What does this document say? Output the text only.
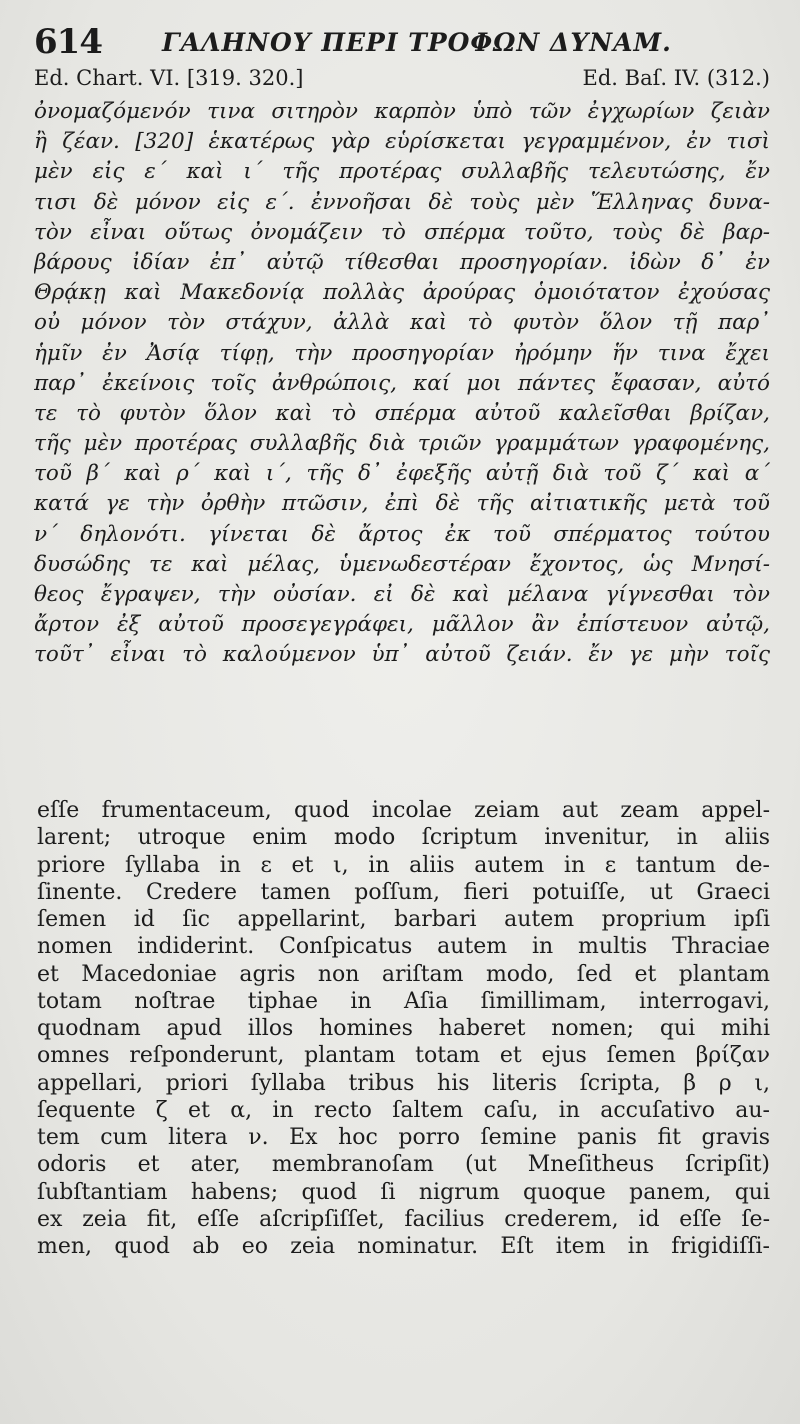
614 ΓΑΛΗΝΟΥ ΠΕΡΙ ΤΡΟΦΩΝ ΔΥΝΑΜ.
Ed. Chart. VI. [319. 320.]	Ed. Baſ. IV. (312.)
ὀνομαζόμενόν τινα σιτηρὸν καρπὸν ὑπὸ τῶν ἐγχωρίων ζειὰν
ἢ ζέαν. [320] ἑκατέρως γὰρ εὑρίσκεται γεγραμμένον, ἐν τισὶ
μὲν εἰς ε΄ καὶ ι΄ τῆς προτέρας συλλαβῆς τελευτώσης, ἔν
τισι δὲ μόνον εἰς ε΄. ἐννοῆσαι δὲ τοὺς μὲν Ἕλληνας δυνα-
τὸν εἶναι οὕτως ὀνομάζειν τὸ σπέρμα τοῦτο, τοὺς δὲ βαρ-
βάρους ἰδίαν ἐπ᾽ αὐτῷ τίθεσθαι προσηγορίαν. ἰδὼν δ᾽ ἐν
Θρᾴκῃ καὶ Μακεδονίᾳ πολλὰς ἀρούρας ὁμοιότατον ἐχούσας
οὐ μόνον τὸν στάχυν, ἀλλὰ καὶ τὸ φυτὸν ὅλον τῇ παρ᾽
ἡμῖν ἐν Ἀσίᾳ τίφῃ, τὴν προσηγορίαν ἠρόμην ἥν τινα ἔχει
παρ᾽ ἐκείνοις τοῖς ἀνθρώποις, καί μοι πάντες ἔφασαν, αὐτό
τε τὸ φυτὸν ὅλον καὶ τὸ σπέρμα αὐτοῦ καλεῖσθαι βρίζαν,
τῆς μὲν προτέρας συλλαβῆς διὰ τριῶν γραμμάτων γραφομένης,
τοῦ β΄ καὶ ρ΄ καὶ ι΄, τῆς δ᾽ ἐφεξῆς αὐτῇ διὰ τοῦ ζ΄ καὶ α΄
κατά γε τὴν ὀρθὴν πτῶσιν, ἐπὶ δὲ τῆς αἰτιατικῆς μετὰ τοῦ
ν΄ δηλονότι. γίνεται δὲ ἄρτος ἐκ τοῦ σπέρματος τούτου
δυσώδης τε καὶ μέλας, ὑμενωδεστέραν ἔχοντος, ὡς Μνησί-
θεος ἔγραψεν, τὴν οὐσίαν. εἰ δὲ καὶ μέλανα γίγνεσθαι τὸν
ἄρτον ἐξ αὐτοῦ προσεγεγράφει, μᾶλλον ἂν ἐπίστευον αὐτῷ,
τοῦτ᾽ εἶναι τὸ καλούμενον ὑπ᾽ αὐτοῦ ζειάν. ἔν γε μὴν τοῖς
eſſe frumentaceum, quod incolae zeiam aut zeam appel-
larent; utroque enim modo ſcriptum invenitur, in aliis
priore ſyllaba in ε et ι, in aliis autem in ε tantum de-
ſinente. Credere tamen poſſum, fieri potuiſſe, ut Graeci
ſemen id ſic appellarint, barbari autem proprium ipſi
nomen indiderint. Conſpicatus autem in multis Thraciae
et Macedoniae agris non ariſtam modo, ſed et plantam
totam noſtrae tiphae in Aſia ſimillimam, interrogavi,
quodnam apud illos homines haberet nomen; qui mihi
omnes reſponderunt, plantam totam et ejus ſemen βρίζαν
appellari, priori ſyllaba tribus his literis ſcripta, β ρ ι,
ſequente ζ et α, in recto ſaltem caſu, in accuſativo au-
tem cum litera ν. Ex hoc porro ſemine panis fit gravis
odoris et ater, membranoſam (ut Mneſitheus ſcripſit)
ſubſtantiam habens; quod ſi nigrum quoque panem, qui
ex zeia fit, eſſe aſcripſiſſet, facilius crederem, id eſſe ſe-
men, quod ab eo zeia nominatur. Eſt item in frigidiſſi-
